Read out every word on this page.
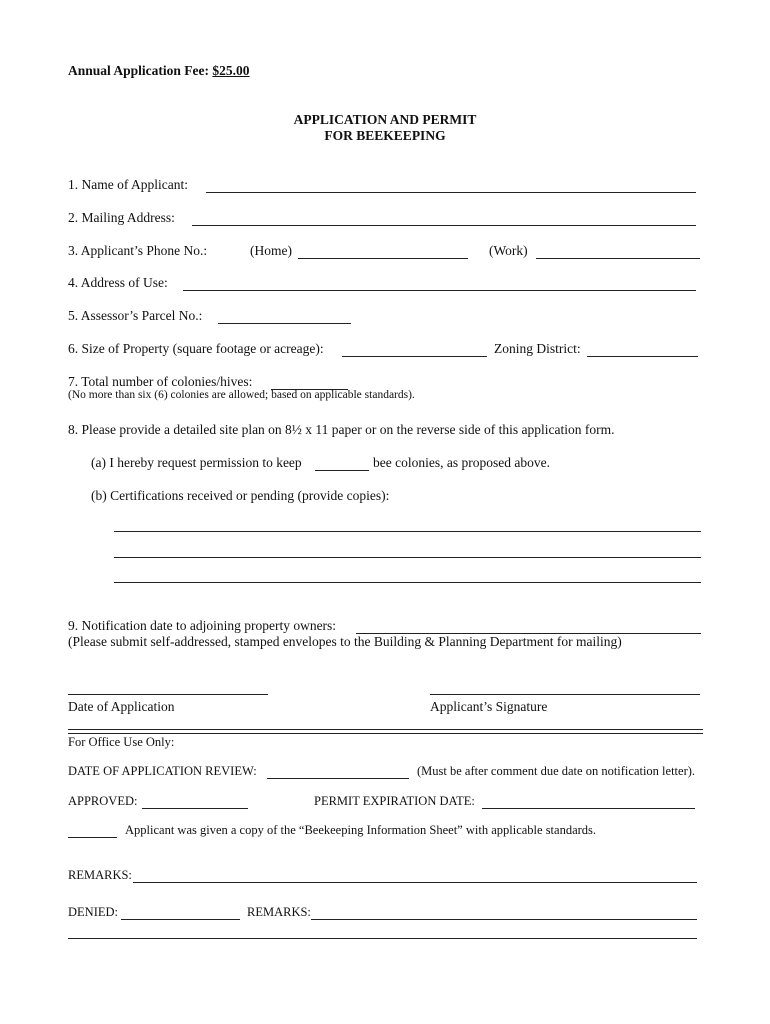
Annual Application Fee: $25.00
APPLICATION AND PERMIT
FOR BEEKEEPING
1. Name of Applicant:
2. Mailing Address:
3. Applicant’s Phone No.:	(Home)	(Work)
4. Address of Use:
5. Assessor’s Parcel No.:
6. Size of Property (square footage or acreage):	Zoning District:
7. Total number of colonies/hives:
(No more than six (6) colonies are allowed; based on applicable standards).
8. Please provide a detailed site plan on 8½ x 11 paper or on the reverse side of this application form.
(a) I hereby request permission to keep	bee colonies, as proposed above.
(b) Certifications received or pending (provide copies):
9. Notification date to adjoining property owners:
(Please submit self-addressed, stamped envelopes to the Building & Planning Department for mailing)
Date of Application	Applicant’s Signature
For Office Use Only:
DATE OF APPLICATION REVIEW:	(Must be after comment due date on notification letter).
APPROVED:	PERMIT EXPIRATION DATE:
Applicant was given a copy of the “Beekeeping Information Sheet” with applicable standards.
REMARKS:
DENIED:	REMARKS:
